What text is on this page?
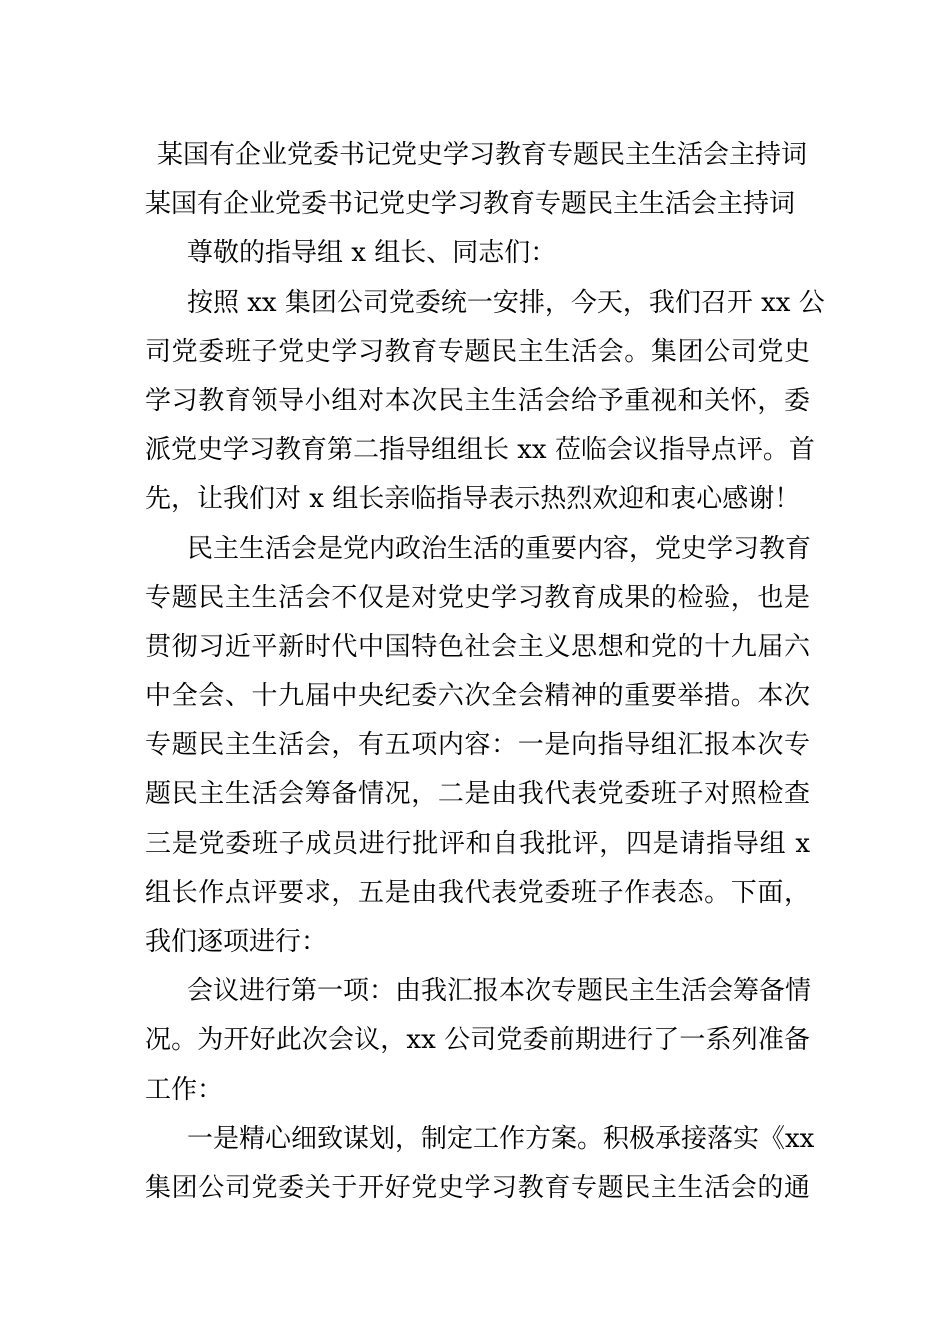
某国有企业党委书记党史学习教育专题民主生活会主持词
某国有企业党委书记党史学习教育专题民主生活会主持词
尊敬的指导组 x 组长、同志们：
按照 xx 集团公司党委统一安排，今天，我们召开 xx 公
司党委班子党史学习教育专题民主生活会。集团公司党史
学习教育领导小组对本次民主生活会给予重视和关怀，委
派党史学习教育第二指导组组长 xx 莅临会议指导点评。首
先，让我们对 x 组长亲临指导表示热烈欢迎和衷心感谢！
民主生活会是党内政治生活的重要内容，党史学习教育
专题民主生活会不仅是对党史学习教育成果的检验，也是
贯彻习近平新时代中国特色社会主义思想和党的十九届六
中全会、十九届中央纪委六次全会精神的重要举措。本次
专题民主生活会，有五项内容：一是向指导组汇报本次专
题民主生活会筹备情况，二是由我代表党委班子对照检查
三是党委班子成员进行批评和自我批评，四是请指导组 x
组长作点评要求，五是由我代表党委班子作表态。下面，
我们逐项进行：
会议进行第一项：由我汇报本次专题民主生活会筹备情
况。为开好此次会议，xx 公司党委前期进行了一系列准备
工作：
一是精心细致谋划，制定工作方案。积极承接落实《xx
集团公司党委关于开好党史学习教育专题民主生活会的通
